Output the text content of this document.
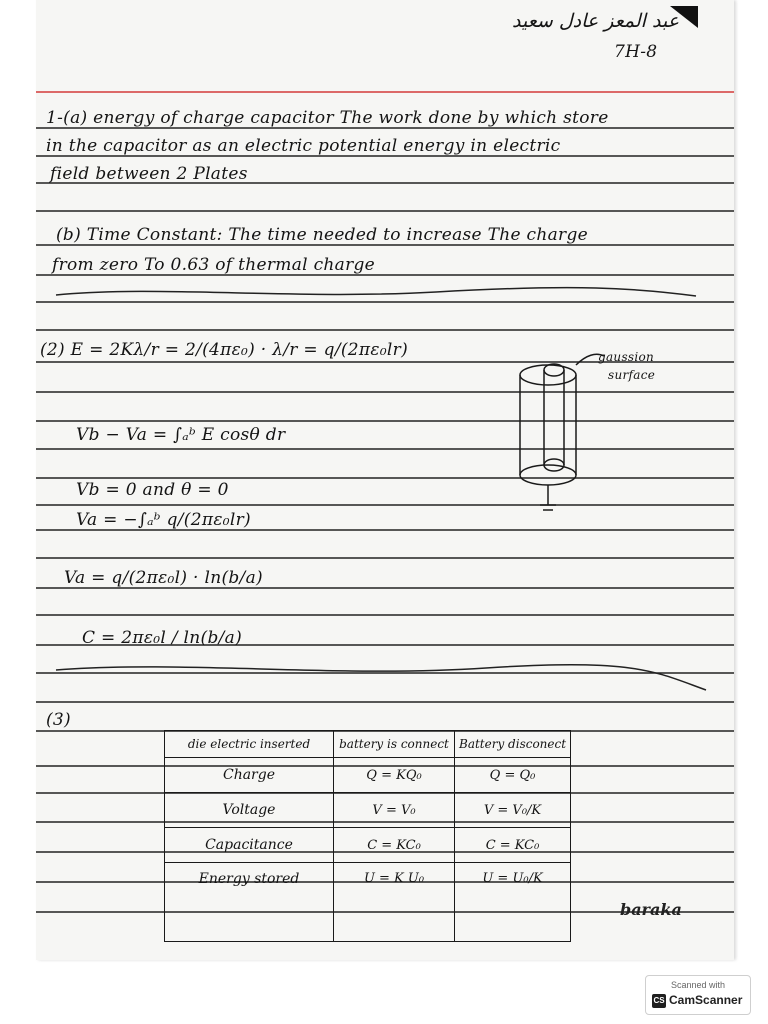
عبد المعز عادل سعيد
7H-8
1-(a) energy of charge capacitor The work done by which store
in the capacitor as an electric potential energy in electric
field between 2 Plates
(b) Time Constant: The time needed to increase The charge
from zero To 0.63 of thermal charge
(2) E = 2Kλ/r = 2/(4πε₀) · λ/r = q/(2πε₀lr)	gaussion
surface
Vb − Va = ∫ₐᵇ E cosθ dr
Vb = 0 and θ = 0
Va = −∫ₐᵇ q/(2πε₀lr)
Va = q/(2πε₀l) · ln(b/a)
C = 2πε₀l / ln(b/a)
(3)
die electric inserted	battery is connect	Battery disconect
Charge	Q = KQ₀	Q = Q₀
Voltage	V = V₀	V = V₀/K
Capacitance	C = KC₀	C = KC₀
Energy stored	U = K U₀	U = U₀/K
baraka
Scanned with
CS CamScanner
